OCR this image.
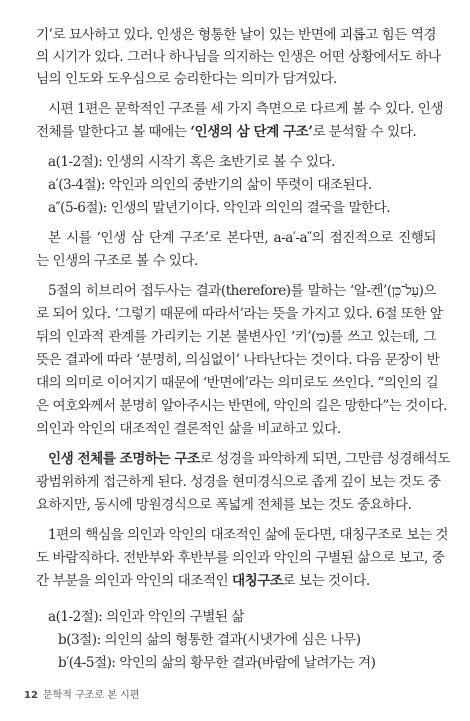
기’로 묘사하고 있다. 인생은 형통한 날이 있는 반면에 괴롭고 힘든 역경
의 시기가 있다. 그러나 하나님을 의지하는 인생은 어떤 상황에서도 하나
님의 인도와 도우심으로 승리한다는 의미가 담겨있다.
시편 1편은 문학적인 구조를 세 가지 측면으로 다르게 볼 수 있다. 인생
전체를 말한다고 볼 때에는 ‘인생의 삼 단계 구조’로 분석할 수 있다.
a(1-2절): 인생의 시작기 혹은 초반기로 볼 수 있다.
a′(3-4절): 악인과 의인의 중반기의 삶이 뚜렷이 대조된다.
a″(5-6절): 인생의 말년기이다. 악인과 의인의 결국을 말한다.
본 시를 ‘인생 삼 단계 구조’로 본다면, a-a′-a″의 점진적으로 진행되
는 인생의 구조로 볼 수 있다.
5절의 히브리어 접두사는 결과(therefore)를 말하는 ‘알-켄’(עַל־כֵּן)으
로 되어 있다. ‘그렇기 때문에 따라서’라는 뜻을 가지고 있다. 6절 또한 앞
뒤의 인과적 관계를 가리키는 기본 불변사인 ‘키’(כִּי)를 쓰고 있는데, 그
뜻은 결과에 따라 ‘분명히, 의심없이’ 나타난다는 것이다. 다음 문장이 반
대의 의미로 이어지기 때문에 ‘반면에’라는 의미로도 쓰인다. “의인의 길
은 여호와께서 분명히 알아주시는 반면에, 악인의 길은 망한다”는 것이다.
의인과 악인의 대조적인 결론적인 삶을 비교하고 있다.
인생 전체를 조명하는 구조로 성경을 파악하게 되면, 그만큼 성경해석도
광범위하게 접근하게 된다. 성경을 현미경식으로 좁게 깊이 보는 것도 중
요하지만, 동시에 망원경식으로 폭넓게 전체를 보는 것도 중요하다.
1편의 핵심을 의인과 악인의 대조적인 삶에 둔다면, 대칭구조로 보는 것
도 바람직하다. 전반부와 후반부를 의인과 악인의 구별된 삶으로 보고, 중
간 부분을 의인과 악인의 대조적인 대칭구조로 보는 것이다.
a(1-2절): 의인과 악인의 구별된 삶
b(3절): 의인의 삶의 형통한 결과(시냇가에 심은 나무)
b′(4-5절): 악인의 삶의 황무한 결과(바람에 날려가는 겨)
12 문학적 구조로 본 시편
